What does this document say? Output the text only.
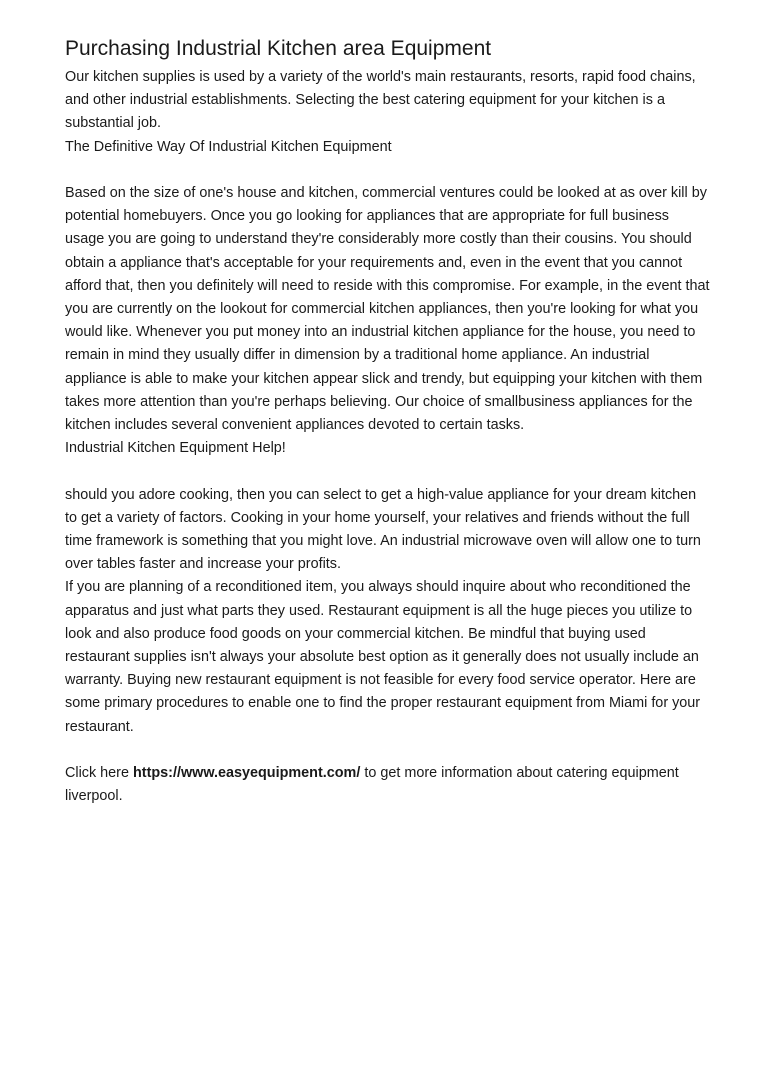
Purchasing Industrial Kitchen area Equipment

Our kitchen supplies is used by a variety of the world's main restaurants, resorts, rapid food chains, and other industrial establishments. Selecting the best catering equipment for your kitchen is a substantial job.

The Definitive Way Of Industrial Kitchen Equipment

Based on the size of one's house and kitchen, commercial ventures could be looked at as over kill by potential homebuyers. Once you go looking for appliances that are appropriate for full business usage you are going to understand they're considerably more costly than their cousins. You should obtain a appliance that's acceptable for your requirements and, even in the event that you cannot afford that, then you definitely will need to reside with this compromise. For example, in the event that you are currently on the lookout for commercial kitchen appliances, then you're looking for what you would like. Whenever you put money into an industrial kitchen appliance for the house, you need to remain in mind they usually differ in dimension by a traditional home appliance. An industrial appliance is able to make your kitchen appear slick and trendy, but equipping your kitchen with them takes more attention than you're perhaps believing. Our choice of smallbusiness appliances for the kitchen includes several convenient appliances devoted to certain tasks.

Industrial Kitchen Equipment Help!

should you adore cooking, then you can select to get a high-value appliance for your dream kitchen to get a variety of factors. Cooking in your home yourself, your relatives and friends without the full time framework is something that you might love. An industrial microwave oven will allow one to turn over tables faster and increase your profits.

If you are planning of a reconditioned item, you always should inquire about who reconditioned the apparatus and just what parts they used. Restaurant equipment is all the huge pieces you utilize to look and also produce food goods on your commercial kitchen. Be mindful that buying used restaurant supplies isn't always your absolute best option as it generally does not usually include an warranty. Buying new restaurant equipment is not feasible for every food service operator. Here are some primary procedures to enable one to find the proper restaurant equipment from Miami for your restaurant.

Click here https://www.easyequipment.com/ to get more information about catering equipment liverpool.
